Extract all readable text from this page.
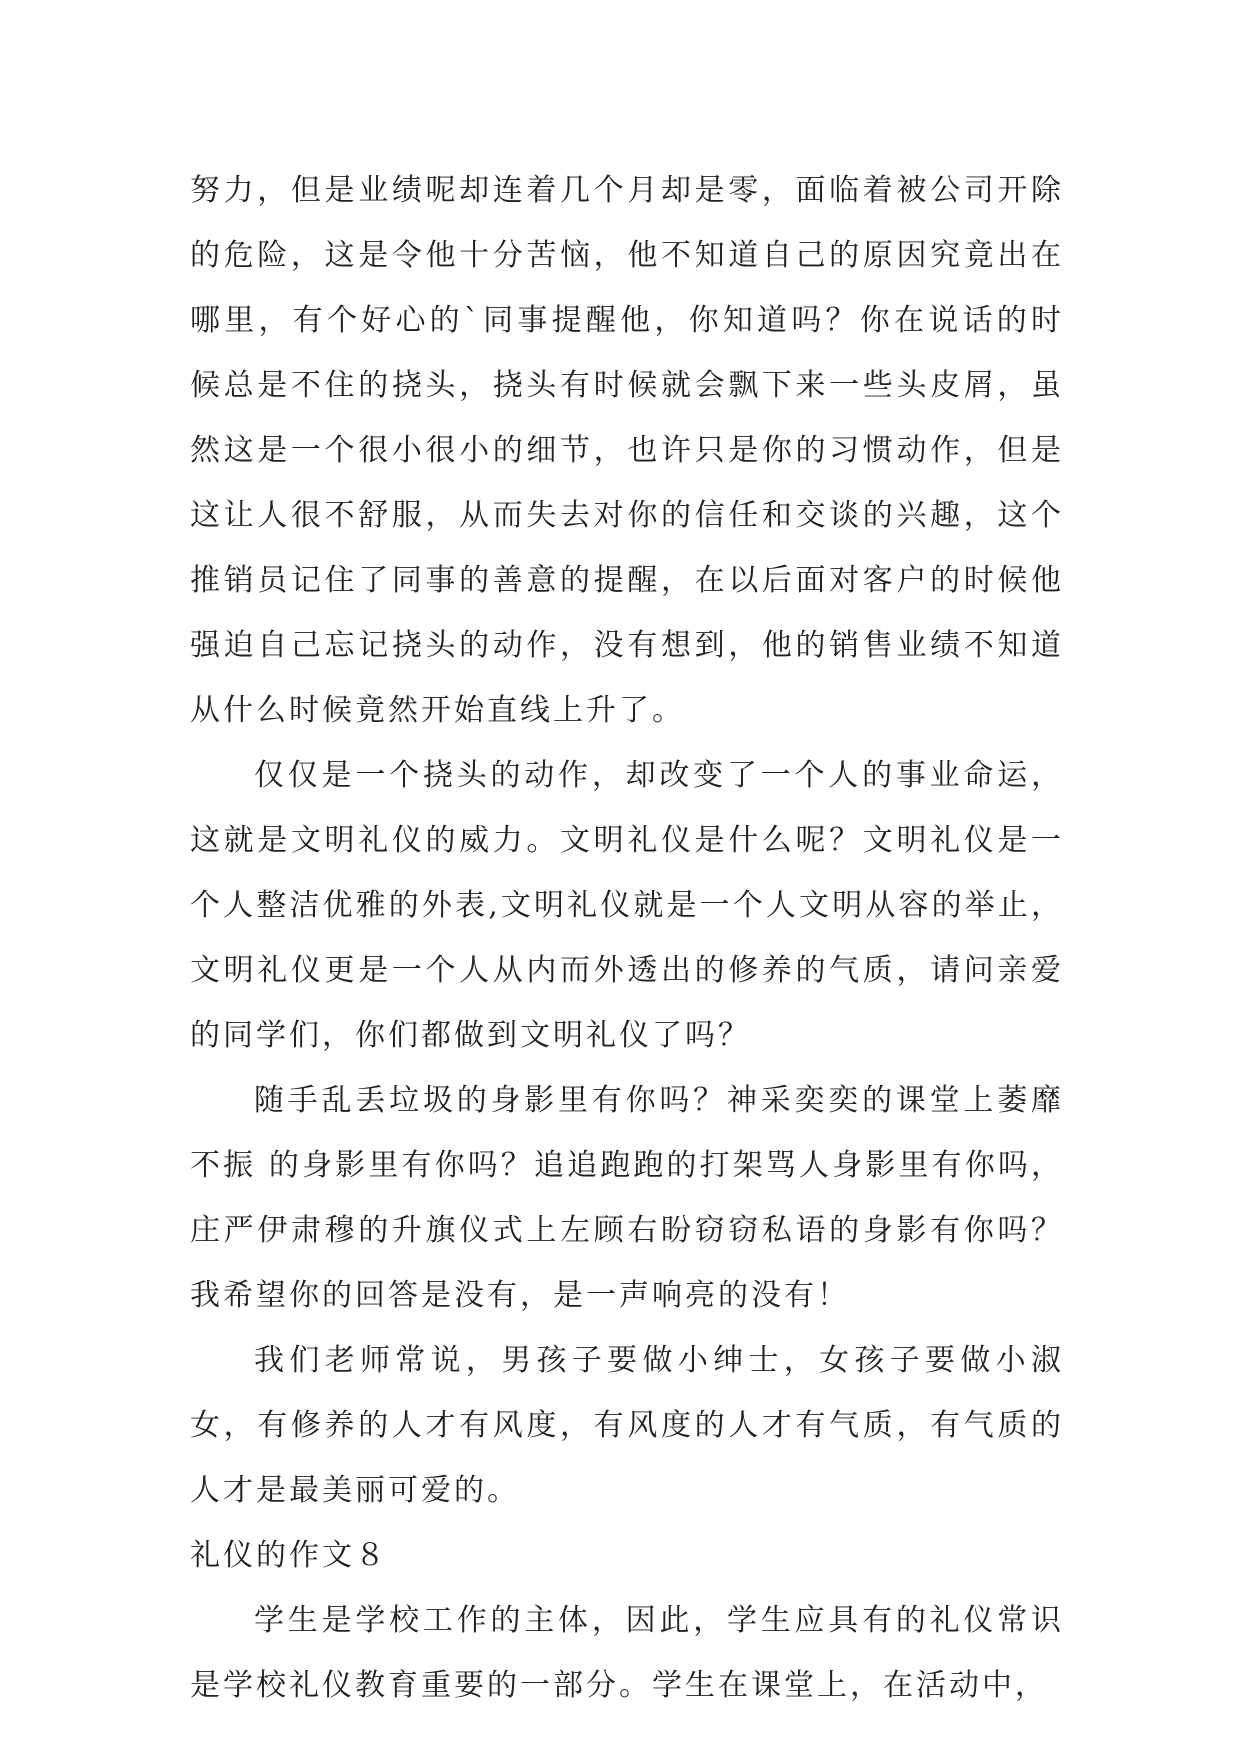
努力，但是业绩呢却连着几个月却是零，面临着被公司开除的危险，这是令他十分苦恼，他不知道自己的原因究竟出在哪里，有个好心的`同事提醒他，你知道吗？你在说话的时候总是不住的挠头，挠头有时候就会飘下来一些头皮屑，虽然这是一个很小很小的细节，也许只是你的习惯动作，但是这让人很不舒服，从而失去对你的信任和交谈的兴趣，这个推销员记住了同事的善意的提醒，在以后面对客户的时候他强迫自己忘记挠头的动作，没有想到，他的销售业绩不知道从什么时候竟然开始直线上升了。

仅仅是一个挠头的动作，却改变了一个人的事业命运，这就是文明礼仪的威力。文明礼仪是什么呢？文明礼仪是一个人整洁优雅的外表,文明礼仪就是一个人文明从容的举止，文明礼仪更是一个人从内而外透出的修养的气质，请问亲爱的同学们，你们都做到文明礼仪了吗？

随手乱丢垃圾的身影里有你吗？神采奕奕的课堂上萎靡不振 的身影里有你吗？追追跑跑的打架骂人身影里有你吗，庄严伊肃穆的升旗仪式上左顾右盼窃窃私语的身影有你吗？我希望你的回答是没有，是一声响亮的没有！

我们老师常说，男孩子要做小绅士，女孩子要做小淑女，有修养的人才有风度，有风度的人才有气质，有气质的人才是最美丽可爱的。

礼仪的作文８

学生是学校工作的主体，因此，学生应具有的礼仪常识是学校礼仪教育重要的一部分。学生在课堂上，在活动中，
